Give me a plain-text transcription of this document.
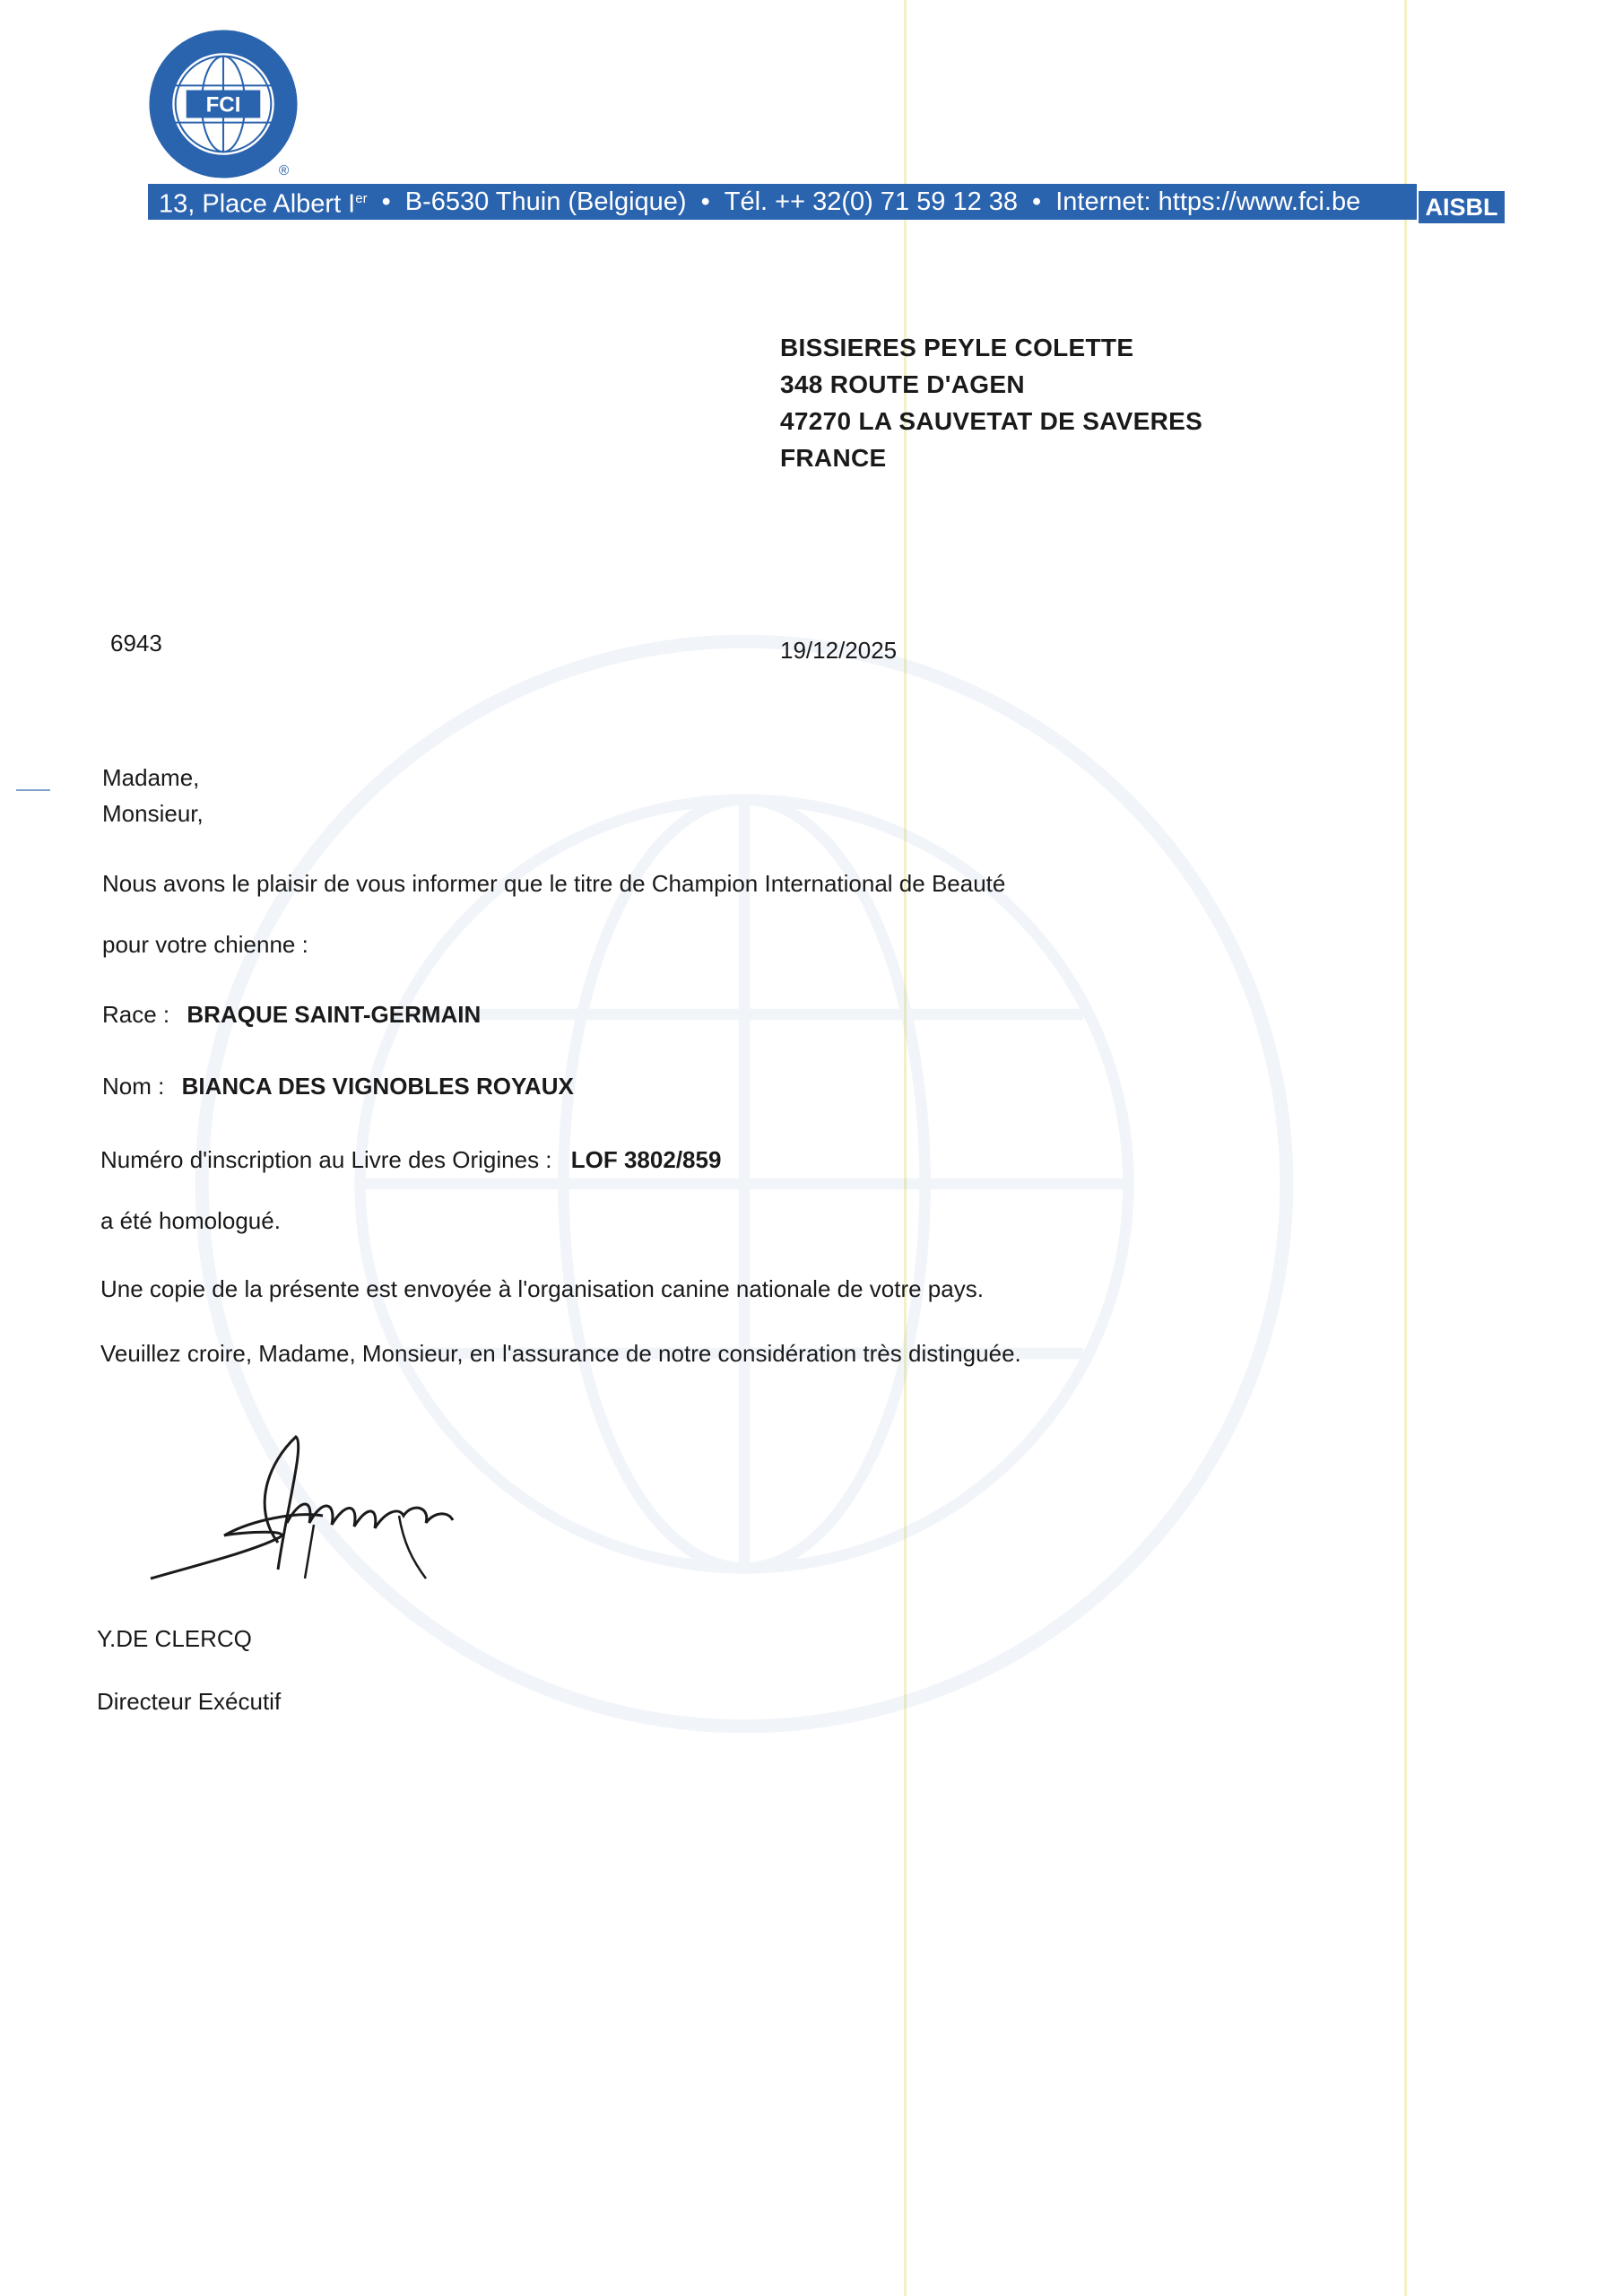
FCI
®
13, Place Albert Ier • B-6530 Thuin (Belgique) • Tél. ++ 32(0) 71 59 12 38 • Internet: https://www.fci.be	AISBL
BISSIERES PEYLE COLETTE
348 ROUTE D'AGEN
47270 LA SAUVETAT DE SAVERES
FRANCE
6943	19/12/2025
Madame,
Monsieur,
Nous avons le plaisir de vous informer que le titre de Champion International de Beauté
pour votre chienne :
Race : BRAQUE SAINT-GERMAIN
Nom : BIANCA DES VIGNOBLES ROYAUX
Numéro d'inscription au Livre des Origines : LOF 3802/859
a été homologué.
Une copie de la présente est envoyée à l'organisation canine nationale de votre pays.
Veuillez croire, Madame, Monsieur, en l'assurance de notre considération très distinguée.
Y.DE CLERCQ
Directeur Exécutif
